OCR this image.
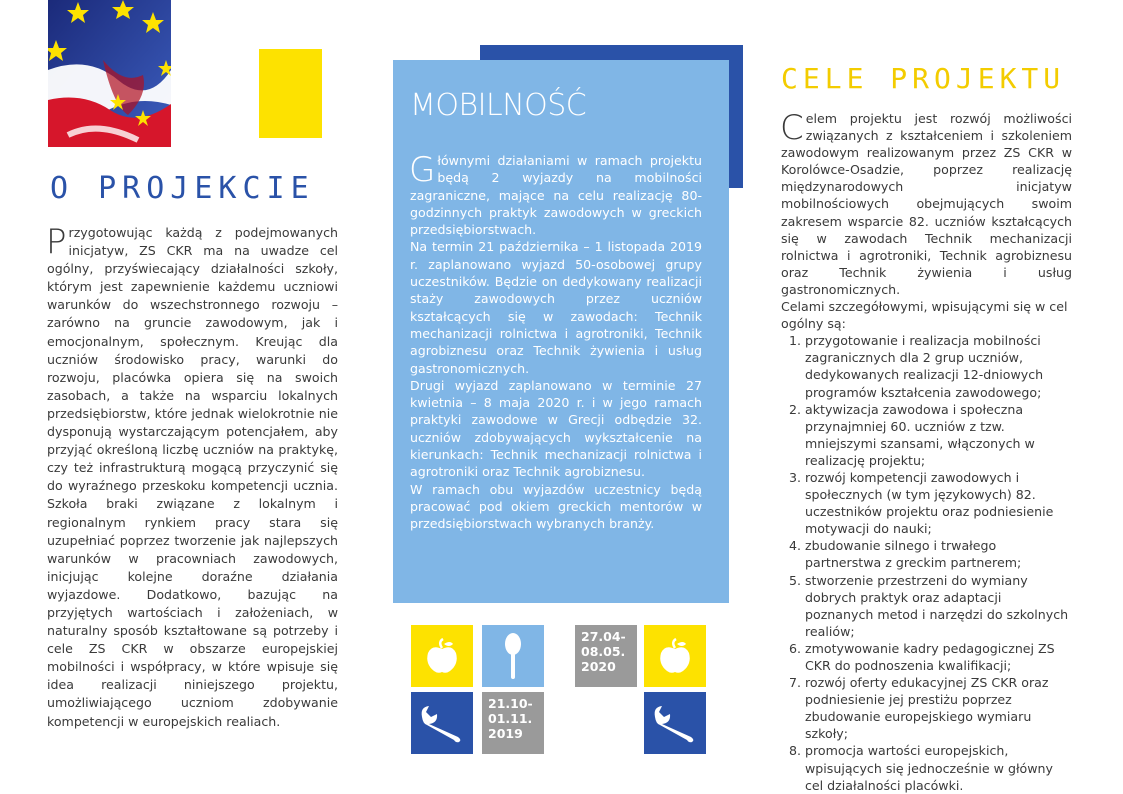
O PROJEKCIE
Przygotowując każdą z podejmowanych inicjatyw, ZS CKR ma na uwadze cel ogólny, przyświecający działalności szkoły, którym jest zapewnienie każdemu uczniowi warunków do wszechstronnego rozwoju – zarówno na gruncie zawodowym, jak i emocjonalnym, społecznym. Kreując dla uczniów środowisko pracy, warunki do rozwoju, placówka opiera się na swoich zasobach, a także na wsparciu lokalnych przedsiębiorstw, które jednak wielokrotnie nie dysponują wystarczającym potencjałem, aby przyjąć określoną liczbę uczniów na praktykę, czy też infrastrukturą mogącą przyczynić się do wyraźnego przeskoku kompetencji ucznia. Szkoła braki związane z lokalnym i regionalnym rynkiem pracy stara się uzupełniać poprzez tworzenie jak najlepszych warunków w pracowniach zawodowych, inicjując kolejne doraźne działania wyjazdowe. Dodatkowo, bazując na przyjętych wartościach i założeniach, w naturalny sposób kształtowane są potrzeby i cele ZS CKR w obszarze europejskiej mobilności i współpracy, w które wpisuje się idea realizacji niniejszego projektu, umożliwiającego uczniom zdobywanie kompetencji w europejskich realiach.
MOBILNOŚĆ

Głównymi działaniami w ramach projektu będą 2 wyjazdy na mobilności zagraniczne, mające na celu realizację 80-godzinnych praktyk zawodowych w greckich przedsiębiorstwach.

Na termin 21 października – 1 listopada 2019 r. zaplanowano wyjazd 50-osobowej grupy uczestników. Będzie on dedykowany realizacji staży zawodowych przez uczniów kształcących się w zawodach: Technik mechanizacji rolnictwa i agrotroniki, Technik agrobiznesu oraz Technik żywienia i usług gastronomicznych.

Drugi wyjazd zaplanowano w terminie 27 kwietnia – 8 maja 2020 r. i w jego ramach praktyki zawodowe w Grecji odbędzie 32. uczniów zdobywających wykształcenie na kierunkach: Technik mechanizacji rolnictwa i agrotroniki oraz Technik agrobiznesu.

W ramach obu wyjazdów uczestnicy będą pracować pod okiem greckich mentorów w przedsiębiorstwach wybranych branży.

21.10-
01.11.
2019
27.04-
08.05.
2020
CELE PROJEKTU

Celem projektu jest rozwój możliwości związanych z kształceniem i szkoleniem zawodowym realizowanym przez ZS CKR w Korolówce-Osadzie, poprzez realizację międzynarodowych inicjatyw mobilnościowych obejmujących swoim zakresem wsparcie 82. uczniów kształcących się w zawodach Technik mechanizacji rolnictwa i agrotroniki, Technik agrobiznesu oraz Technik żywienia i usług gastronomicznych.

Celami szczegółowymi, wpisującymi się w cel ogólny są:

1. przygotowanie i realizacja mobilności zagranicznych dla 2 grup uczniów, dedykowanych realizacji 12-dniowych programów kształcenia zawodowego;
2. aktywizacja zawodowa i społeczna przynajmniej 60. uczniów z tzw. mniejszymi szansami, włączonych w realizację projektu;
3. rozwój kompetencji zawodowych i społecznych (w tym językowych) 82. uczestników projektu oraz podniesienie motywacji do nauki;
4. zbudowanie silnego i trwałego partnerstwa z greckim partnerem;
5. stworzenie przestrzeni do wymiany dobrych praktyk oraz adaptacji poznanych metod i narzędzi do szkolnych realiów;
6. zmotywowanie kadry pedagogicznej ZS CKR do podnoszenia kwalifikacji;
7. rozwój oferty edukacyjnej ZS CKR oraz podniesienie jej prestiżu poprzez zbudowanie europejskiego wymiaru szkoły;
8. promocja wartości europejskich, wpisujących się jednocześnie w główny cel działalności placówki.
